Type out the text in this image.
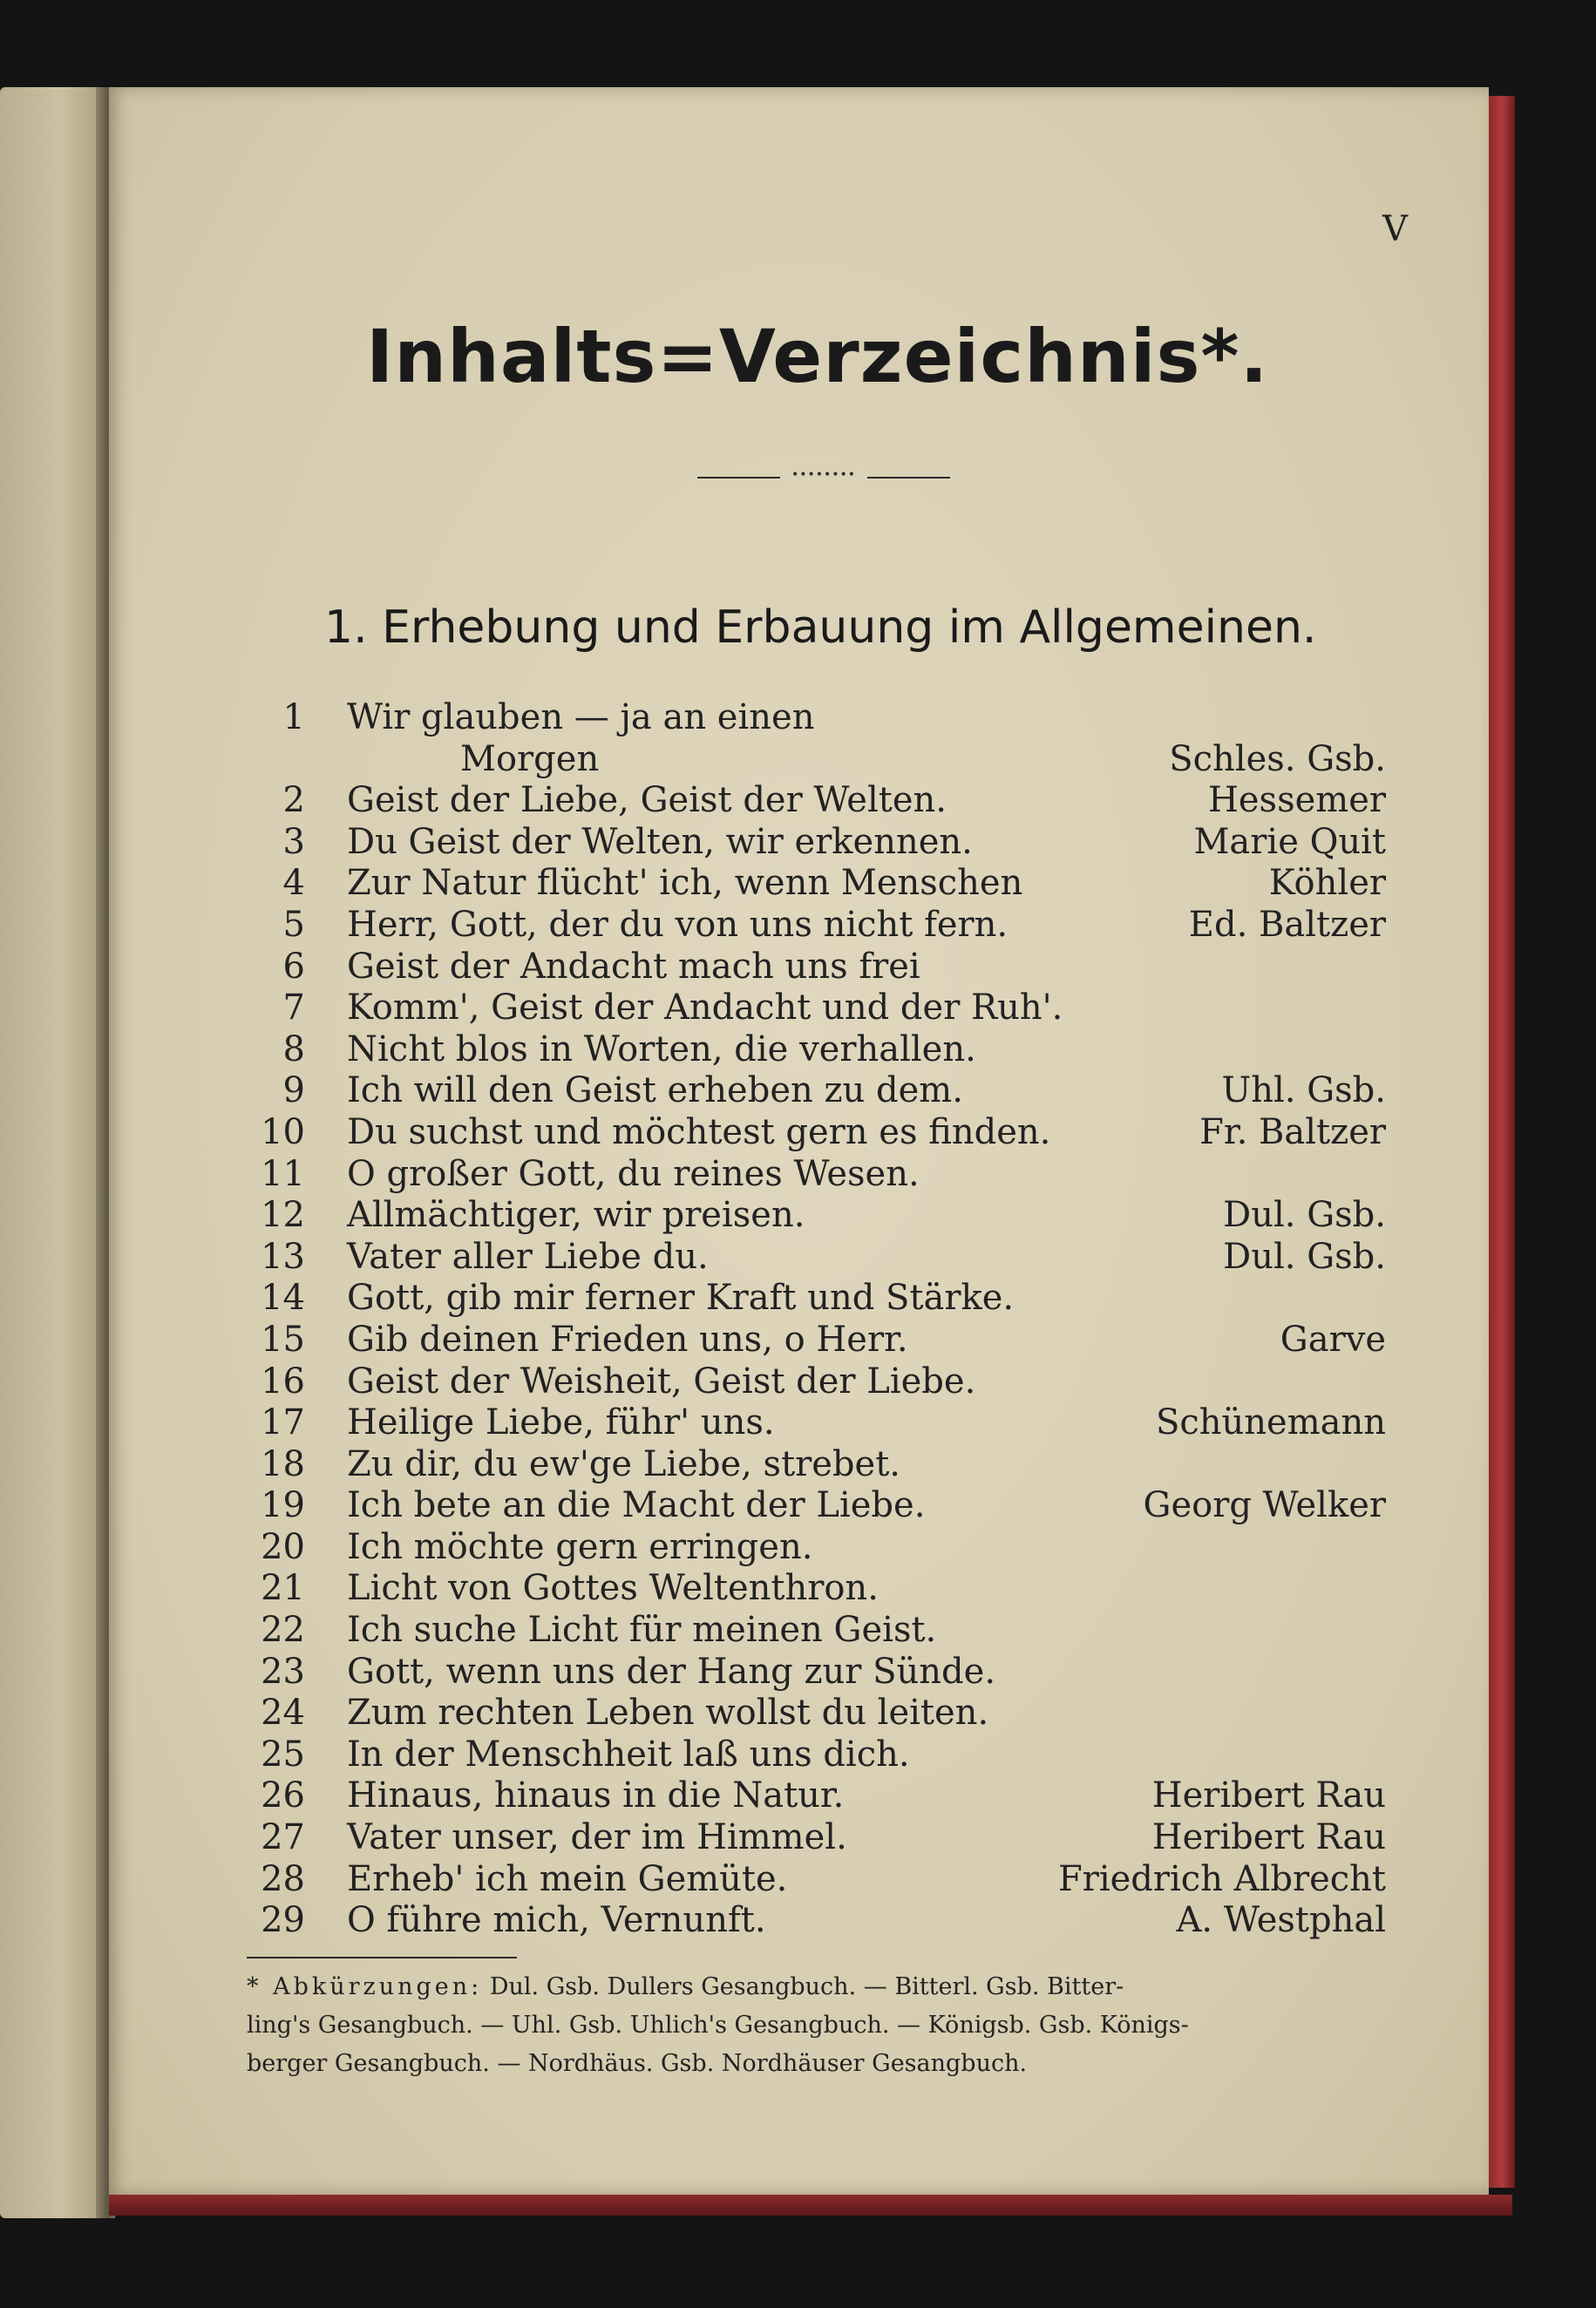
V
Inhalts=Verzeichnis*.
••••••••
1. Erhebung und Erbauung im Allgemeinen.
1 Wir glauben — ja an einen
Morgen	Schles. Gsb.
2 Geist der Liebe, Geist der Welten.	Hessemer
3 Du Geist der Welten, wir erkennen.	Marie Quit
4 Zur Natur flücht' ich, wenn Menschen	Köhler
5 Herr, Gott, der du von uns nicht fern.	Ed. Baltzer
6 Geist der Andacht mach uns frei
7 Komm', Geist der Andacht und der Ruh'.
8 Nicht blos in Worten, die verhallen.
9 Ich will den Geist erheben zu dem.	Uhl. Gsb.
10 Du suchst und möchtest gern es finden.	Fr. Baltzer
11 O großer Gott, du reines Wesen.
12 Allmächtiger, wir preisen.	Dul. Gsb.
13 Vater aller Liebe du.	Dul. Gsb.
14 Gott, gib mir ferner Kraft und Stärke.
15 Gib deinen Frieden uns, o Herr.	Garve
16 Geist der Weisheit, Geist der Liebe.
17 Heilige Liebe, führ' uns.	Schünemann
18 Zu dir, du ew'ge Liebe, strebet.
19 Ich bete an die Macht der Liebe.	Georg Welker
20 Ich möchte gern erringen.
21 Licht von Gottes Weltenthron.
22 Ich suche Licht für meinen Geist.
23 Gott, wenn uns der Hang zur Sünde.
24 Zum rechten Leben wollst du leiten.
25 In der Menschheit laß uns dich.
26 Hinaus, hinaus in die Natur.	Heribert Rau
27 Vater unser, der im Himmel.	Heribert Rau
28 Erheb' ich mein Gemüte.	Friedrich Albrecht
29 O führe mich, Vernunft.	A. Westphal
* Abkürzungen: Dul. Gsb. Dullers Gesangbuch. — Bitterl. Gsb. Bitter-
ling's Gesangbuch. — Uhl. Gsb. Uhlich's Gesangbuch. — Königsb. Gsb. Königs-
berger Gesangbuch. — Nordhäus. Gsb. Nordhäuser Gesangbuch.
